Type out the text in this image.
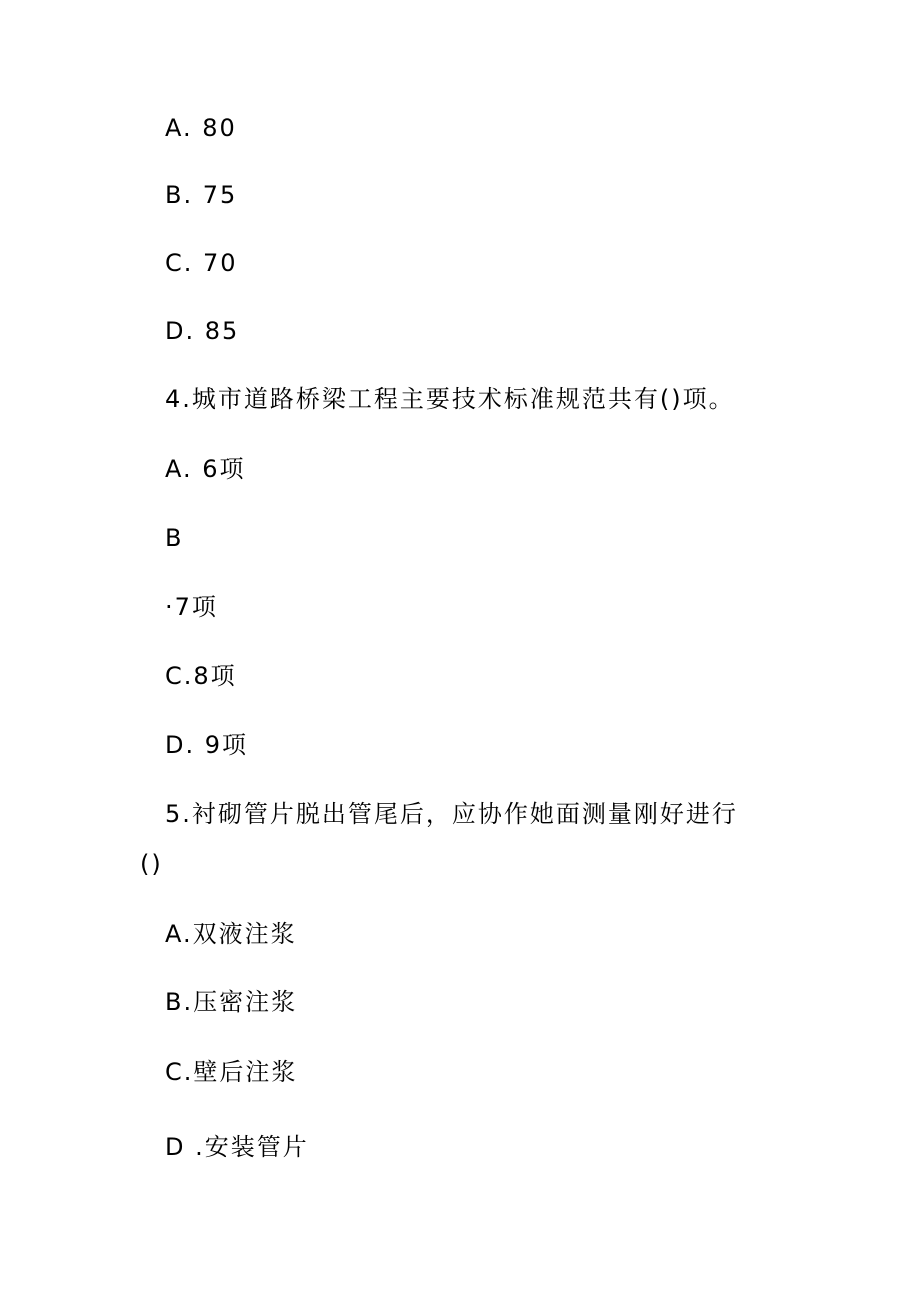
A. 80
B. 75
C. 70
D. 85
4.城市道路桥梁工程主要技术标准规范共有()项。
A. 6项
B
·7项
C.8项
D. 9项
5.衬砌管片脱出管尾后，应协作她面测量刚好进行
()
A.双液注浆
B.压密注浆
C.壁后注浆
D .安装管片
